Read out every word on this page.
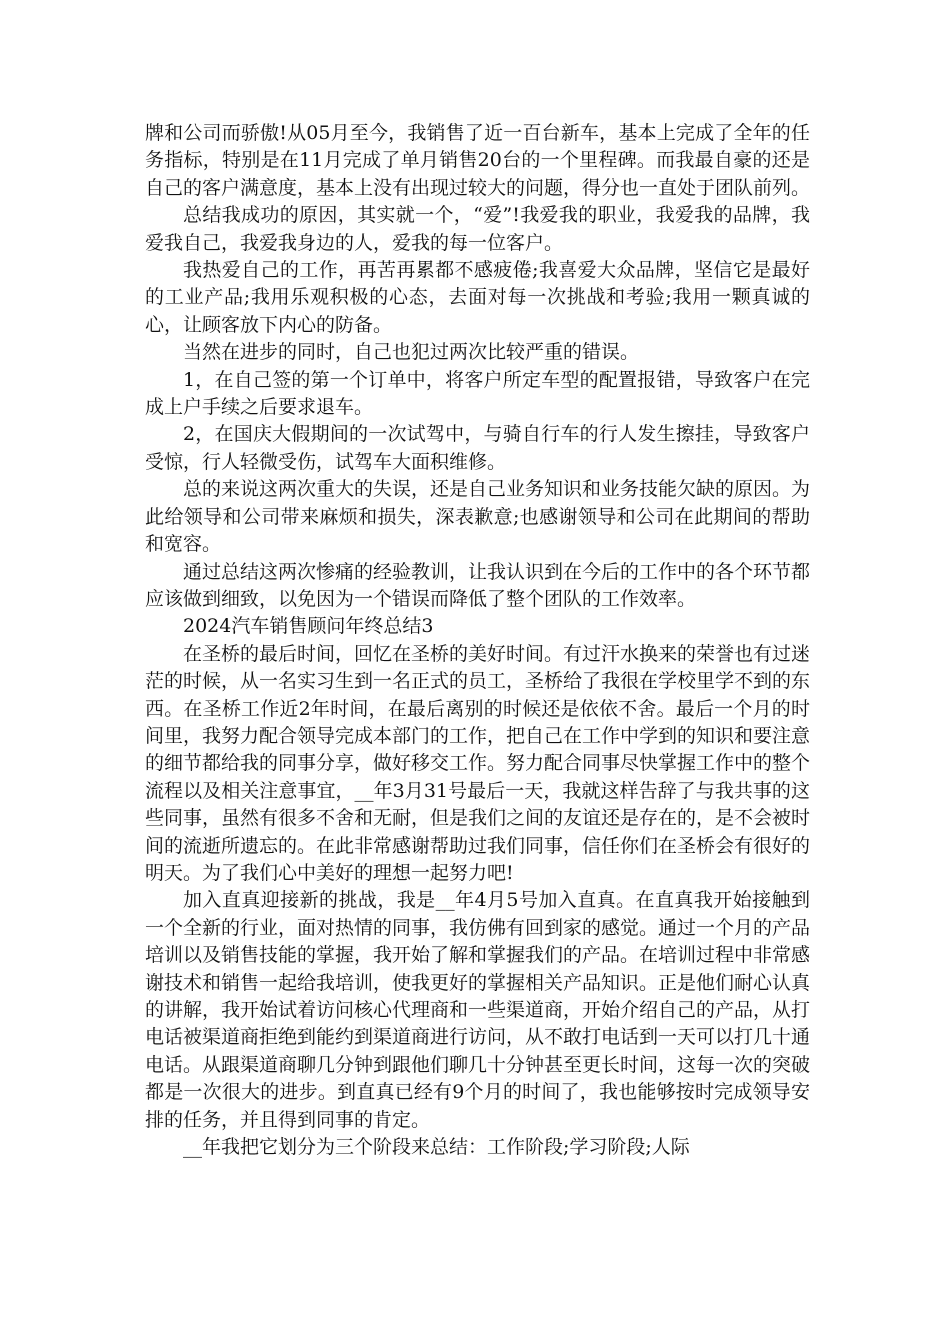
牌和公司而骄傲!从05月至今，我销售了近一百台新车，基本上完成了全年的任务指标，特别是在11月完成了单月销售20台的一个里程碑。而我最自豪的还是自己的客户满意度，基本上没有出现过较大的问题，得分也一直处于团队前列。

总结我成功的原因，其实就一个，“爱”!我爱我的职业，我爱我的品牌，我爱我自己，我爱我身边的人，爱我的每一位客户。

我热爱自己的工作，再苦再累都不感疲倦;我喜爱大众品牌，坚信它是最好的工业产品;我用乐观积极的心态，去面对每一次挑战和考验;我用一颗真诚的心，让顾客放下内心的防备。

当然在进步的同时，自己也犯过两次比较严重的错误。

1，在自己签的第一个订单中，将客户所定车型的配置报错，导致客户在完成上户手续之后要求退车。

2，在国庆大假期间的一次试驾中，与骑自行车的行人发生擦挂，导致客户受惊，行人轻微受伤，试驾车大面积维修。

总的来说这两次重大的失误，还是自己业务知识和业务技能欠缺的原因。为此给领导和公司带来麻烦和损失，深表歉意;也感谢领导和公司在此期间的帮助和宽容。

通过总结这两次惨痛的经验教训，让我认识到在今后的工作中的各个环节都应该做到细致，以免因为一个错误而降低了整个团队的工作效率。

2024汽车销售顾问年终总结3

在圣桥的最后时间，回忆在圣桥的美好时间。有过汗水换来的荣誉也有过迷茫的时候，从一名实习生到一名正式的员工，圣桥给了我很在学校里学不到的东西。在圣桥工作近2年时间，在最后离别的时候还是依依不舍。最后一个月的时间里，我努力配合领导完成本部门的工作，把自己在工作中学到的知识和要注意的细节都给我的同事分享，做好移交工作。努力配合同事尽快掌握工作中的整个流程以及相关注意事宜，__年3月31号最后一天，我就这样告辞了与我共事的这些同事，虽然有很多不舍和无耐，但是我们之间的友谊还是存在的，是不会被时间的流逝所遗忘的。在此非常感谢帮助过我们同事，信任你们在圣桥会有很好的明天。为了我们心中美好的理想一起努力吧!

加入直真迎接新的挑战，我是__年4月5号加入直真。在直真我开始接触到一个全新的行业，面对热情的同事，我仿佛有回到家的感觉。通过一个月的产品培训以及销售技能的掌握，我开始了解和掌握我们的产品。在培训过程中非常感谢技术和销售一起给我培训，使我更好的掌握相关产品知识。正是他们耐心认真的讲解，我开始试着访问核心代理商和一些渠道商，开始介绍自己的产品，从打电话被渠道商拒绝到能约到渠道商进行访问，从不敢打电话到一天可以打几十通电话。从跟渠道商聊几分钟到跟他们聊几十分钟甚至更长时间，这每一次的突破都是一次很大的进步。到直真已经有9个月的时间了，我也能够按时完成领导安排的任务，并且得到同事的肯定。

__年我把它划分为三个阶段来总结：工作阶段;学习阶段;人际
